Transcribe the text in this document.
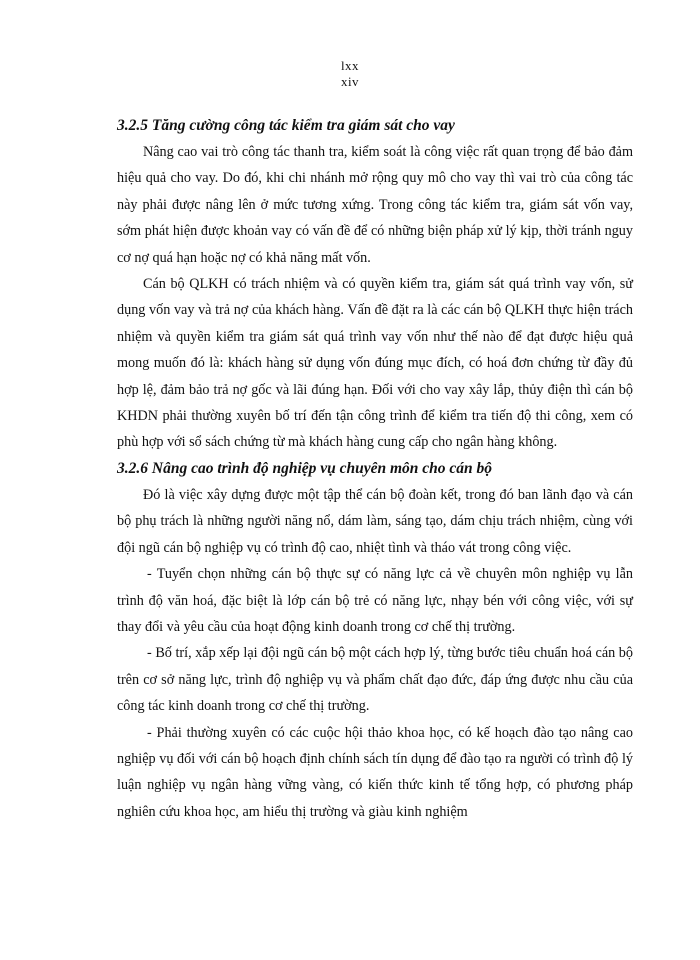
lxx
xiv
3.2.5 Tăng cường công tác kiểm tra giám sát cho vay

Nâng cao vai trò công tác thanh tra, kiểm soát là công việc rất quan trọng để bảo đảm hiệu quả cho vay. Do đó, khi chi nhánh mở rộng quy mô cho vay thì vai trò của công tác này phải được nâng lên ở mức tương xứng. Trong công tác kiểm tra, giám sát vốn vay, sớm phát hiện được khoản vay có vấn đề để có những biện pháp xử lý kịp, thời tránh nguy cơ nợ quá hạn hoặc nợ có khả năng mất vốn.

Cán bộ QLKH có trách nhiệm và có quyền kiểm tra, giám sát quá trình vay vốn, sử dụng vốn vay và trả nợ của khách hàng. Vấn đề đặt ra là các cán bộ QLKH thực hiện trách nhiệm và quyền kiểm tra giám sát quá trình vay vốn như thế nào để đạt được hiệu quả mong muốn đó là: khách hàng sử dụng vốn đúng mục đích, có hoá đơn chứng từ đầy đủ hợp lệ, đảm bảo trả nợ gốc và lãi đúng hạn. Đối với cho vay xây lắp, thủy điện thì cán bộ KHDN phải thường xuyên bố trí đến tận công trình để kiểm tra tiến độ thi công, xem có phù hợp với sổ sách chứng từ mà khách hàng cung cấp cho ngân hàng không.

3.2.6 Nâng cao trình độ nghiệp vụ chuyên môn cho cán bộ

Đó là việc xây dựng được một tập thể cán bộ đoàn kết, trong đó ban lãnh đạo và cán bộ phụ trách là những người năng nổ, dám làm, sáng tạo, dám chịu trách nhiệm, cùng với đội ngũ cán bộ nghiệp vụ có trình độ cao, nhiệt tình và tháo vát trong công việc.

- Tuyển chọn những cán bộ thực sự có năng lực cả về chuyên môn nghiệp vụ lẫn trình độ văn hoá, đặc biệt là lớp cán bộ trẻ có năng lực, nhạy bén với công việc, với sự thay đổi và yêu cầu của hoạt động kinh doanh trong cơ chế thị trường.

- Bố trí, xắp xếp lại đội ngũ cán bộ một cách hợp lý, từng bước tiêu chuẩn hoá cán bộ trên cơ sở năng lực, trình độ nghiệp vụ và phẩm chất đạo đức, đáp ứng được nhu cầu của công tác kinh doanh trong cơ chế thị trường.

- Phải thường xuyên có các cuộc hội thảo khoa học, có kế hoạch đào tạo nâng cao nghiệp vụ đối với cán bộ hoạch định chính sách tín dụng để đào tạo ra người có trình độ lý luận nghiệp vụ ngân hàng vững vàng, có kiến thức kinh tế tổng hợp, có phương pháp nghiên cứu khoa học, am hiểu thị trường và giàu kinh nghiệm
